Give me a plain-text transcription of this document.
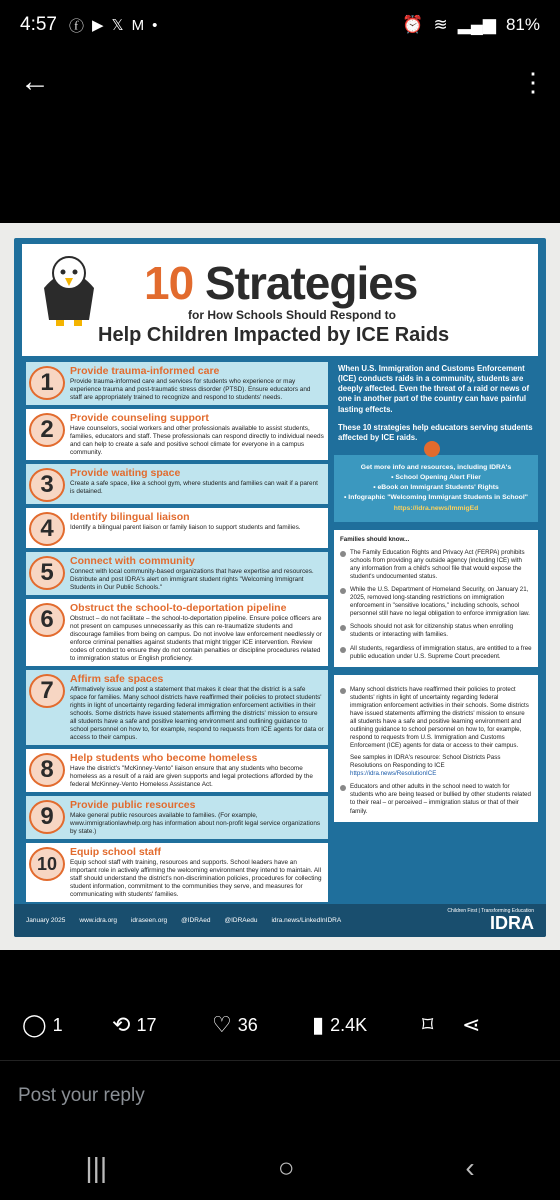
4:57 ⓕ ▶ 𝕏 M •	⏰ ≋ ▂▄▆ 81%
←	⋮
10 Strategies
for How Schools Should Respond to
Help Children Impacted by ICE Raids
1	Provide trauma-informed care

Provide trauma-informed care and services for students who experience or may experience trauma and post-traumatic stress disorder (PTSD). Ensure educators and staff are appropriately trained to recognize and respond to students' needs.

2	Provide counseling support

Have counselors, social workers and other professionals available to assist students, families, educators and staff. These professionals can respond directly to individual needs and can help to create a safe and positive school climate for everyone in a campus community.

3	Provide waiting space

Create a safe space, like a school gym, where students and families can wait if a parent is detained.

4	Identify bilingual liaison

Identify a bilingual parent liaison or family liaison to support students and families.

5	Connect with community

Connect with local community-based organizations that have expertise and resources. Distribute and post IDRA's alert on immigrant student rights "Welcoming Immigrant Students in Our Public Schools."

6	Obstruct the school-to-deportation pipeline

Obstruct – do not facilitate – the school-to-deportation pipeline. Ensure police officers are not present on campuses unnecessarily as this can re-traumatize students and discourage families from being on campus. Do not involve law enforcement needlessly or enforce criminal penalties against students that might trigger ICE intervention. Review codes of conduct to ensure they do not contain penalties or discipline procedures related to immigration status or English proficiency.

7	Affirm safe spaces

Affirmatively issue and post a statement that makes it clear that the district is a safe space for families. Many school districts have reaffirmed their policies to protect students' rights in light of uncertainty regarding federal immigration enforcement activities in their schools. Some districts have issued statements affirming the districts' mission to ensure all students have a safe and positive learning environment and outlining guidance to school personnel on how to, for example, respond to requests from ICE agents for data or access to their campus.

8	Help students who become homeless

Have the district's "McKinney-Vento" liaison ensure that any students who become homeless as a result of a raid are given supports and legal protections afforded by the federal McKinney-Vento Homeless Assistance Act.

9	Provide public resources

Make general public resources available to families. (For example, www.immigrationlawhelp.org has information about non-profit legal service organizations by state.)

10
Equip school staff

Equip school staff with training, resources and supports. School leaders have an important role in actively affirming the welcoming environment they intend to maintain. All staff should understand the district's non-discrimination policies, procedures for collecting student information, commitment to the communities they serve, and measures for communicating with students' families.

When U.S. Immigration and Customs Enforcement (ICE) conducts raids in a community, students are deeply affected. Even the threat of a raid or news of one in another part of the country can have painful lasting effects.
These 10 strategies help educators serving students affected by ICE raids.
Get more info and resources, including IDRA's
• School Opening Alert Flier
• eBook on Immigrant Students' Rights
• Infographic "Welcoming Immigrant Students in School"
https://idra.news/ImmigEd
Families should know...
The Family Education Rights and Privacy Act (FERPA) prohibits schools from providing any outside agency (including ICE) with any information from a child's school file that would expose the student's undocumented status.
While the U.S. Department of Homeland Security, on January 21, 2025, removed long-standing restrictions on immigration enforcement in "sensitive locations," including schools, school personnel still have no legal obligation to enforce immigration law.
Schools should not ask for citizenship status when enrolling students or interacting with families.
All students, regardless of immigration status, are entitled to a free public education under U.S. Supreme Court precedent.
Many school districts have reaffirmed their policies to protect students' rights in light of uncertainty regarding federal immigration enforcement activities in their schools. Some districts have issued statements affirming the districts' mission to ensure all students have a safe and positive learning environment and outlining guidance to school personnel on how to, for example, respond to requests from U.S. Immigration and Customs Enforcement (ICE) agents for data or access to their campus.
See samples in IDRA's resource: School Districts Pass Resolutions on Responding to ICE
https://idra.news/ResolutionICE
Educators and other adults in the school need to watch for students who are being teased or bullied by other students related to their real – or perceived – immigration status or that of their family.
January 2025 www.idra.org idraseen.org @IDRAed @IDRAedu idra.news/LinkedInIDRA
Children First | Transforming Education
IDRA
◯ 1 ⟲ 17	♡ 36 ▮ 2.4K ⌑ ⋖
Post your reply
|||	○	‹
